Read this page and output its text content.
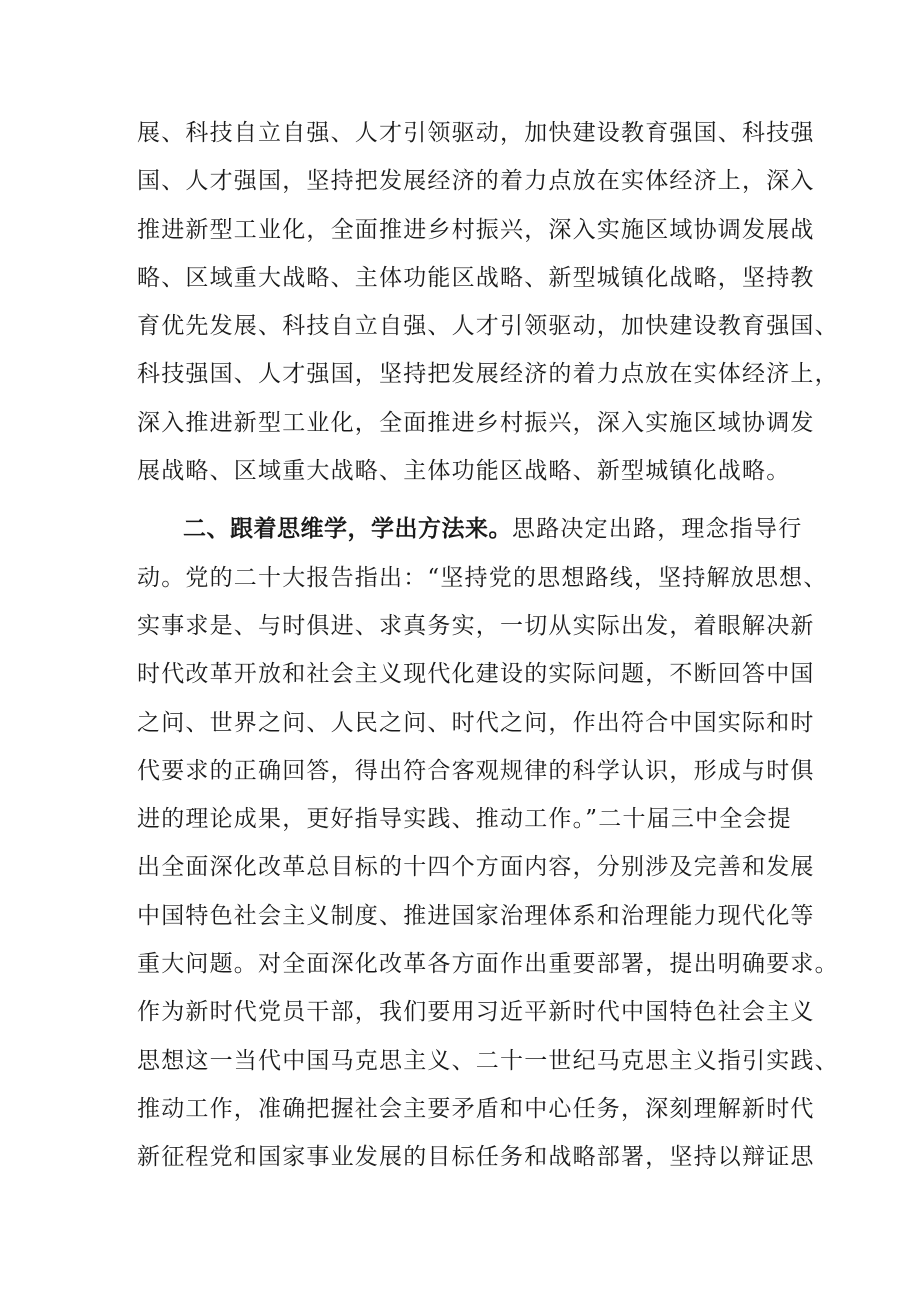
展、科技自立自强、人才引领驱动，加快建设教育强国、科技强
国、人才强国，坚持把发展经济的着力点放在实体经济上，深入
推进新型工业化，全面推进乡村振兴，深入实施区域协调发展战
略、区域重大战略、主体功能区战略、新型城镇化战略，坚持教
育优先发展、科技自立自强、人才引领驱动，加快建设教育强国、
科技强国、人才强国，坚持把发展经济的着力点放在实体经济上，
深入推进新型工业化，全面推进乡村振兴，深入实施区域协调发
展战略、区域重大战略、主体功能区战略、新型城镇化战略。
二、跟着思维学，学出方法来。思路决定出路，理念指导行
动。党的二十大报告指出：“坚持党的思想路线，坚持解放思想、
实事求是、与时俱进、求真务实，一切从实际出发，着眼解决新
时代改革开放和社会主义现代化建设的实际问题，不断回答中国
之问、世界之问、人民之问、时代之问，作出符合中国实际和时
代要求的正确回答，得出符合客观规律的科学认识，形成与时俱
进的理论成果，更好指导实践、推动工作。”二十届三中全会提
出全面深化改革总目标的十四个方面内容，分别涉及完善和发展
中国特色社会主义制度、推进国家治理体系和治理能力现代化等
重大问题。对全面深化改革各方面作出重要部署，提出明确要求。
作为新时代党员干部，我们要用习近平新时代中国特色社会主义
思想这一当代中国马克思主义、二十一世纪马克思主义指引实践、
推动工作，准确把握社会主要矛盾和中心任务，深刻理解新时代
新征程党和国家事业发展的目标任务和战略部署，坚持以辩证思
